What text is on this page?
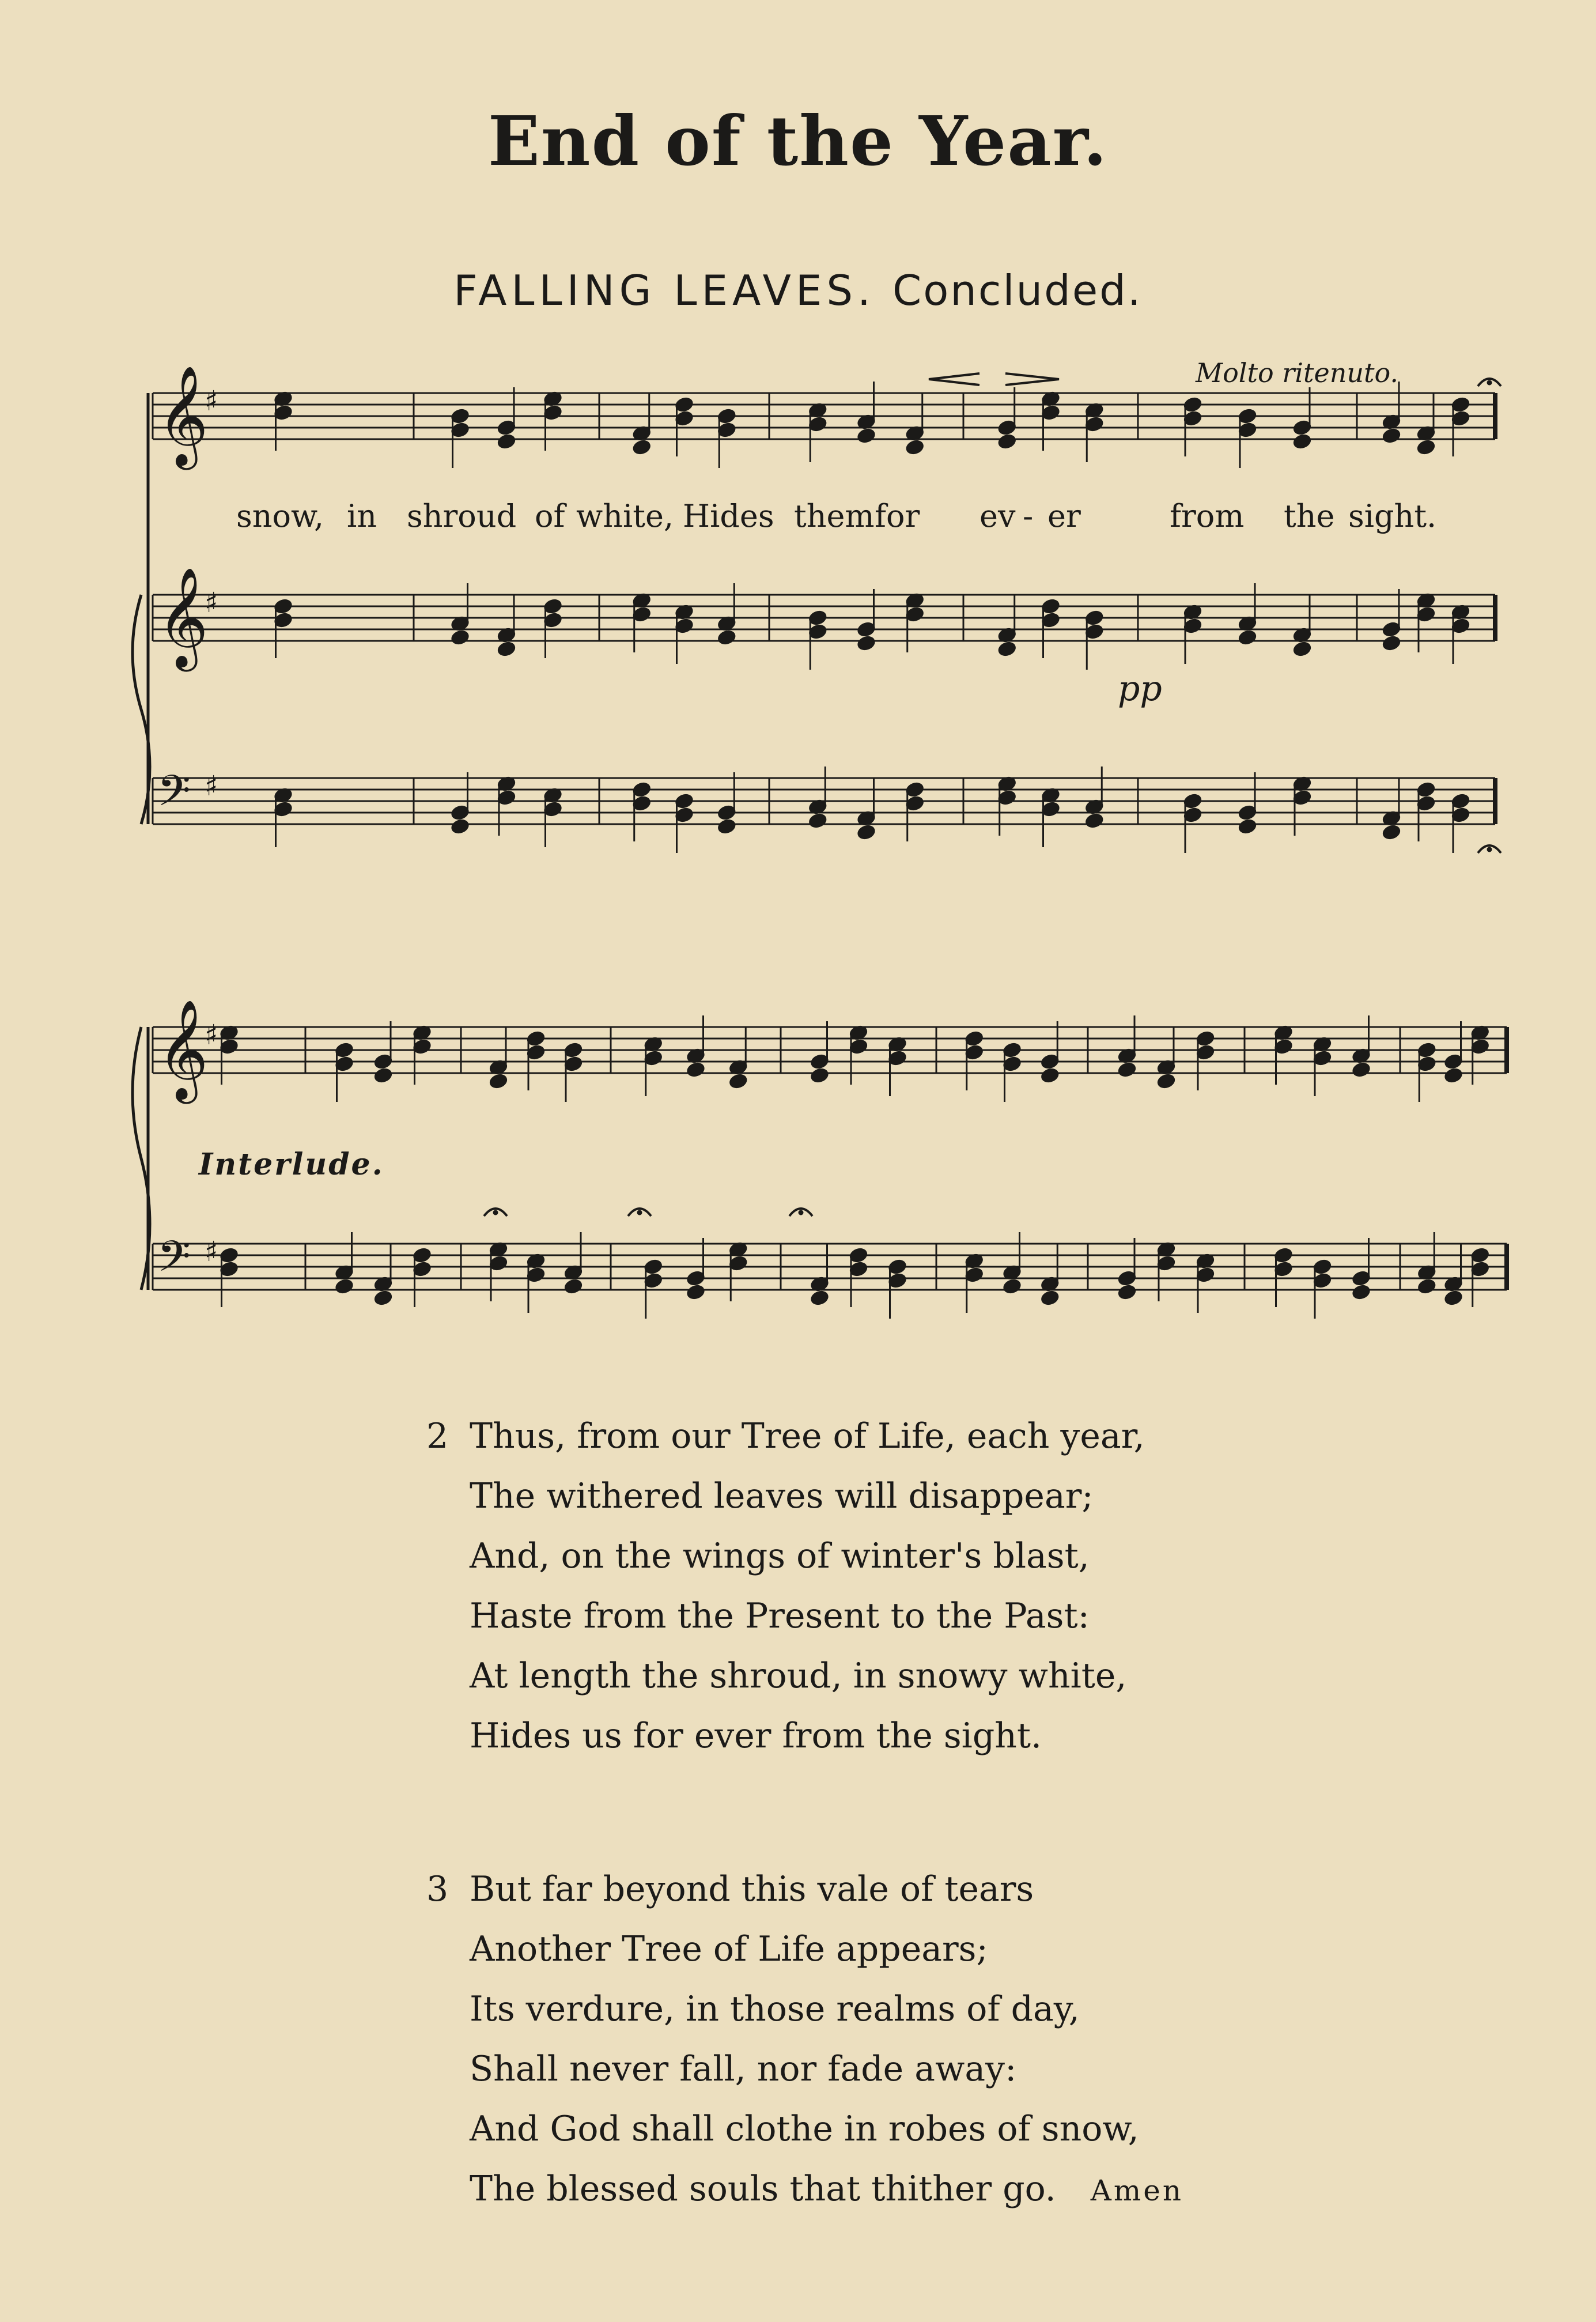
End of the Year.
FALLING LEAVES. Concluded.
𝄞
♯
𝄞
♯
𝄢 ♯
𝄞
♯
𝄢 ♯
Molto ritenuto.
pp
Interlude.
snow, in shroud of white, Hides them for ev - er	from the sight.
2 Thus, from our Tree of Life, each year,
The withered leaves will disappear;
And, on the wings of winter's blast,
Haste from the Present to the Past:
At length the shroud, in snowy white,
Hides us for ever from the sight.
3 But far beyond this vale of tears
Another Tree of Life appears;
Its verdure, in those realms of day,
Shall never fall, nor fade away:
And God shall clothe in robes of snow,
The blessed souls that thither go. Amen
